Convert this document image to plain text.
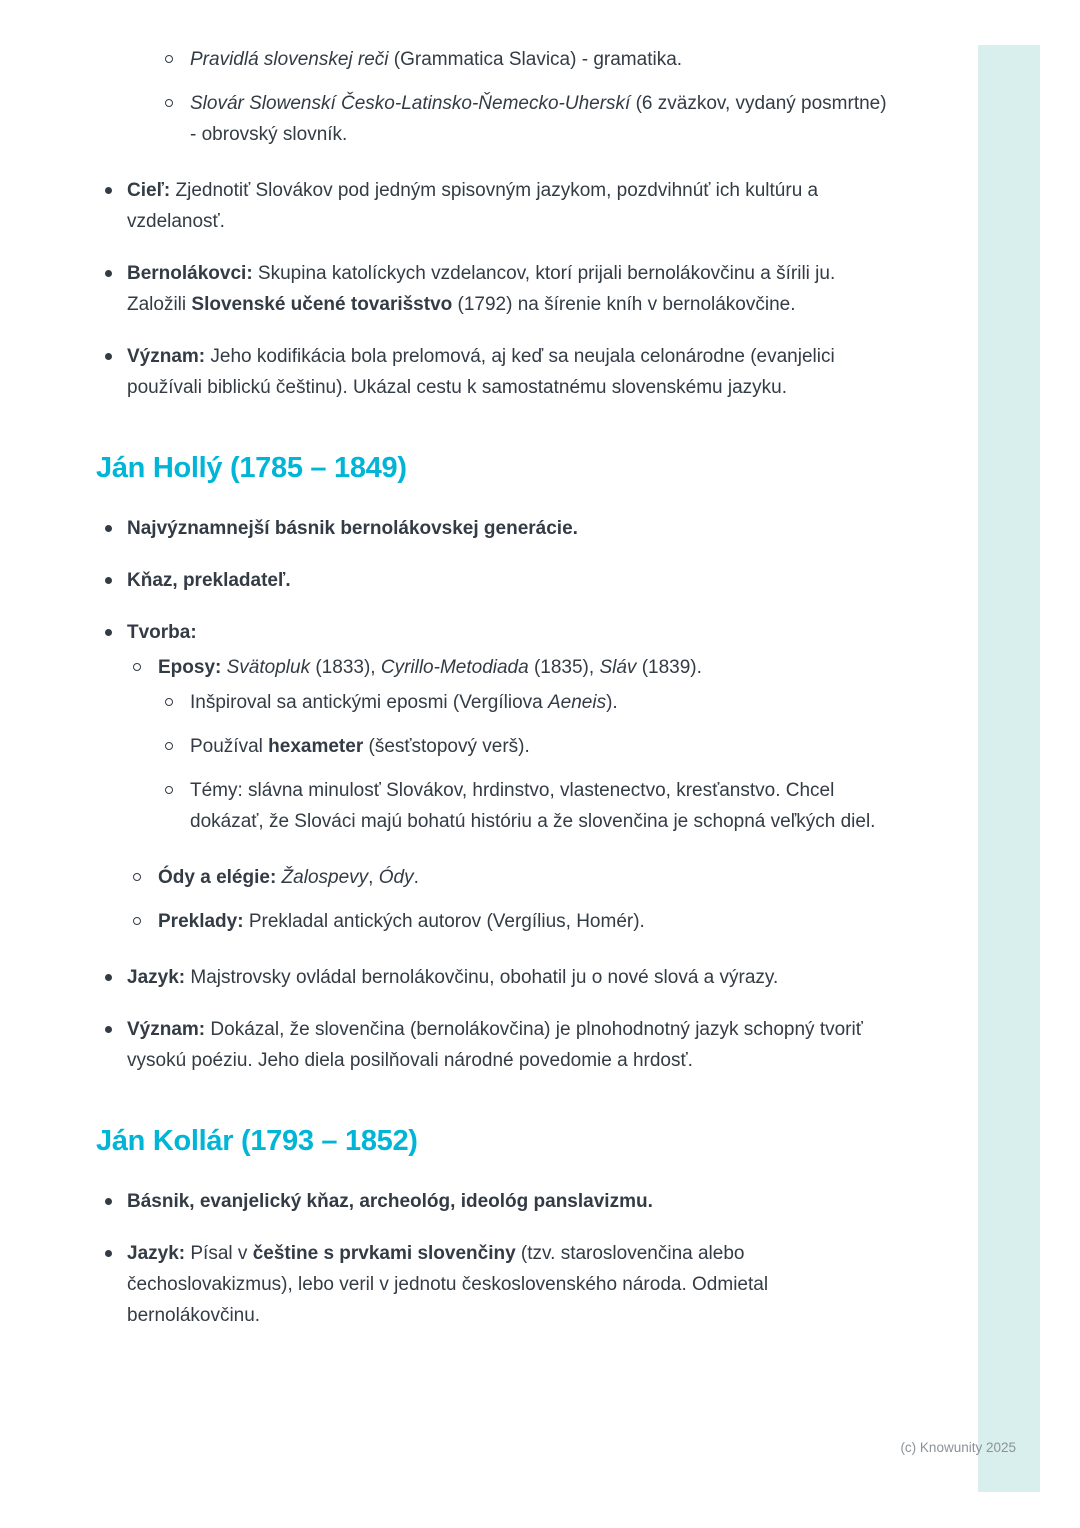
Pravidlá slovenskej reči (Grammatica Slavica) - gramatika.
Slovár Slowenskí Česko-Latinsko-Ňemecko-Uherskí (6 zväzkov, vydaný posmrtne) - obrovský slovník.
Cieľ: Zjednotiť Slovákov pod jedným spisovným jazykom, pozdvihnúť ich kultúru a vzdelanosť.
Bernolákovci: Skupina katolíckych vzdelancov, ktorí prijali bernolákovčinu a šírili ju. Založili Slovenské učené tovarišstvo (1792) na šírenie kníh v bernolákovčine.
Význam: Jeho kodifikácia bola prelomová, aj keď sa neujala celonárodne (evanjelici používali biblickú češtinu). Ukázal cestu k samostatnému slovenskému jazyku.
Ján Hollý (1785 – 1849)
Najvýznamnejší básnik bernolákovskej generácie.
Kňaz, prekladateľ.
Tvorba:
Eposy: Svätopluk (1833), Cyrillo-Metodiada (1835), Sláv (1839).
Inšpiroval sa antickými eposmi (Vergíliova Aeneis).
Používal hexameter (šesťstopový verš).
Témy: slávna minulosť Slovákov, hrdinstvo, vlastenectvo, kresťanstvo. Chcel dokázať, že Slováci majú bohatú históriu a že slovenčina je schopná veľkých diel.
Ódy a elégie: Žalospevy, Ódy.
Preklady: Prekladal antických autorov (Vergílius, Homér).
Jazyk: Majstrovsky ovládal bernolákovčinu, obohatil ju o nové slová a výrazy.
Význam: Dokázal, že slovenčina (bernolákovčina) je plnohodnotný jazyk schopný tvoriť vysokú poéziu. Jeho diela posilňovali národné povedomie a hrdosť.
Ján Kollár (1793 – 1852)
Básnik, evanjelický kňaz, archeológ, ideológ panslavizmu.
Jazyk: Písal v češtine s prvkami slovenčiny (tzv. staroslovenčina alebo čechoslovakizmus), lebo veril v jednotu československého národa. Odmietal bernolákovčinu.
(c) Knowunity 2025
